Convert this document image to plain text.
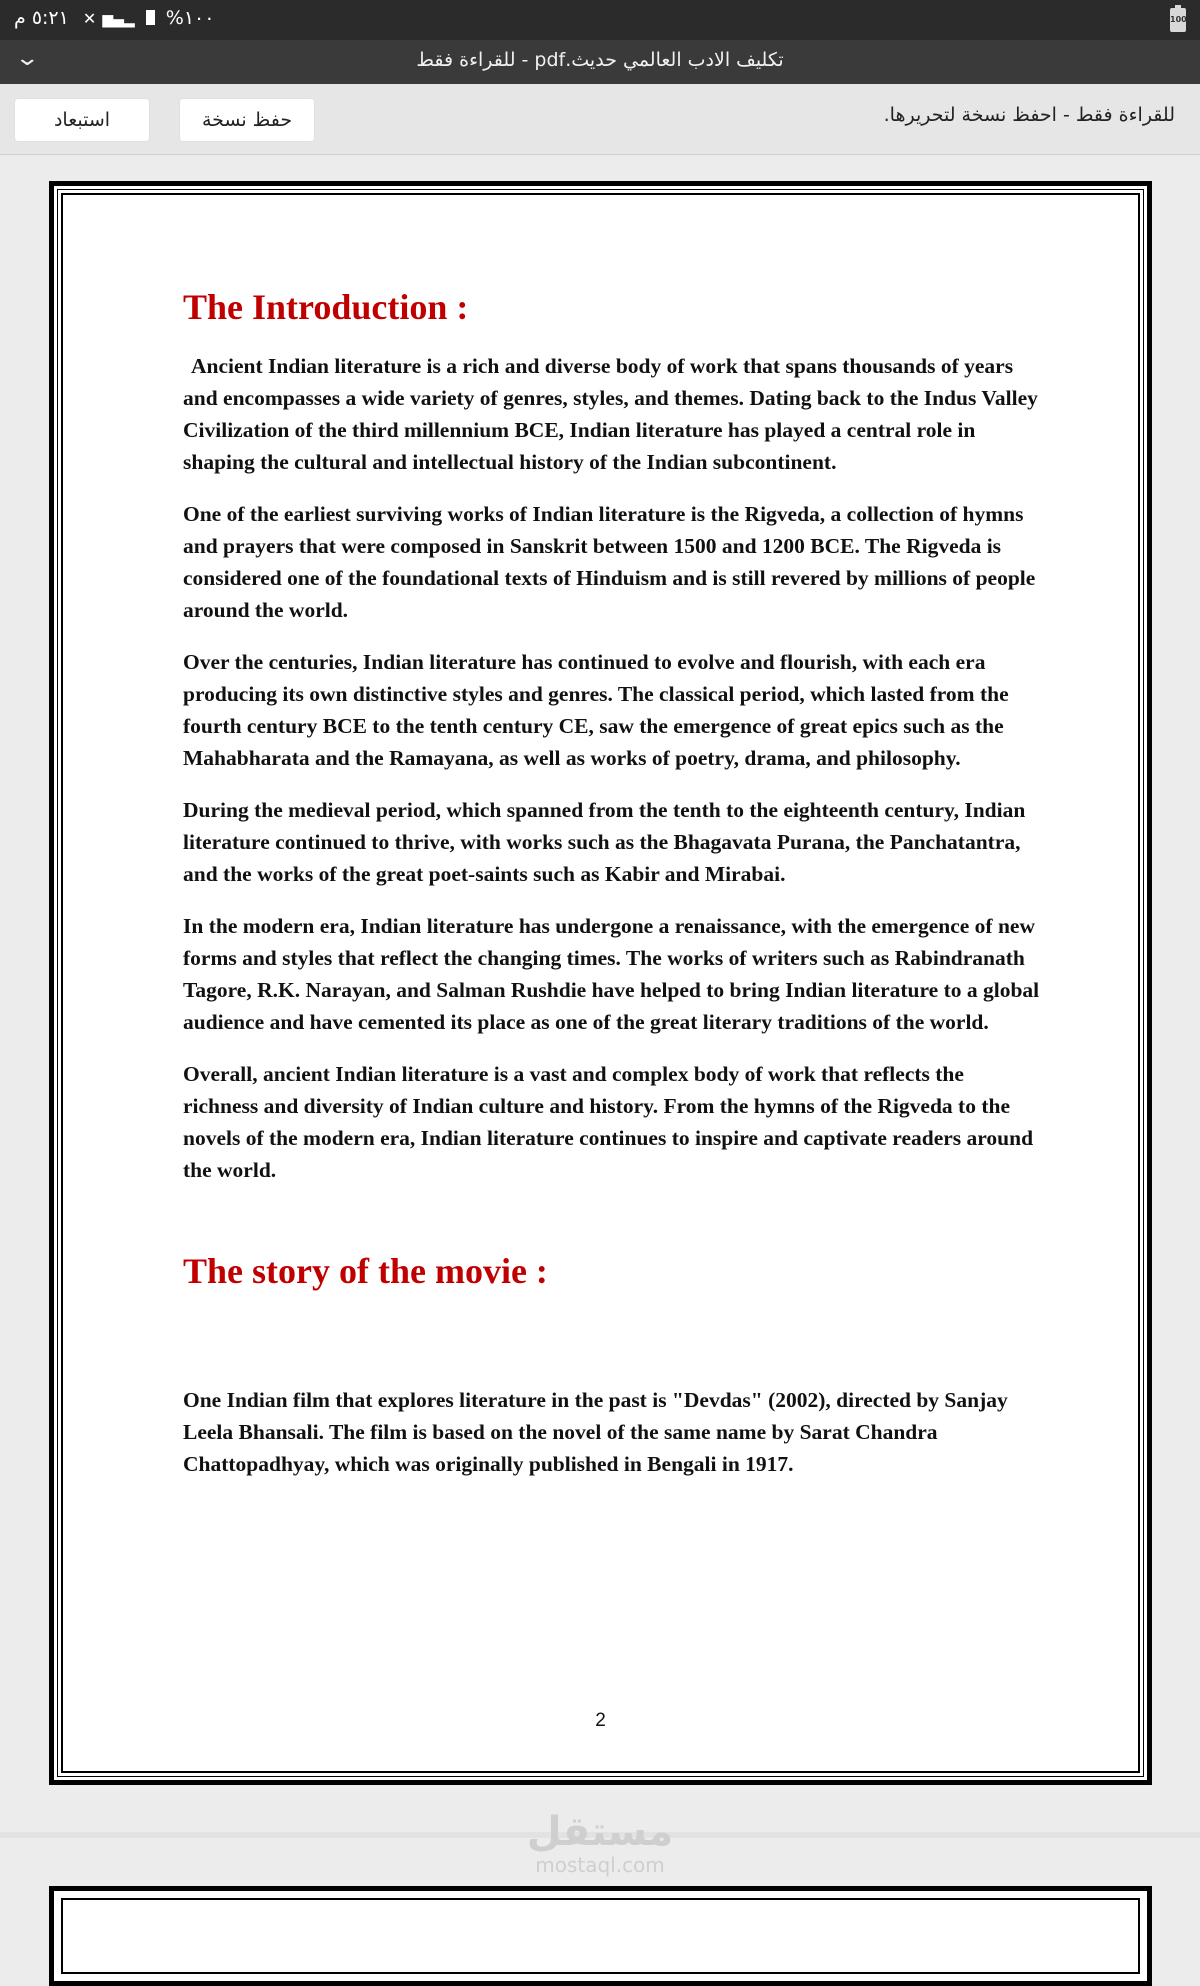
١٠٠%  ▂▄▆ ✕ ٥:٢١ م	100
⌄	تكليف الادب العالمي حديث.pdf - للقراءة فقط
استبعاد	حفظ نسخة	للقراءة فقط - احفظ نسخة لتحريرها.
The Introduction :

Ancient Indian literature is a rich and diverse body of work that spans thousands of years and encompasses a wide variety of genres, styles, and themes. Dating back to the Indus Valley Civilization of the third millennium BCE, Indian literature has played a central role in shaping the cultural and intellectual history of the Indian subcontinent.

One of the earliest surviving works of Indian literature is the Rigveda, a collection of hymns and prayers that were composed in Sanskrit between 1500 and 1200 BCE. The Rigveda is considered one of the foundational texts of Hinduism and is still revered by millions of people around the world.

Over the centuries, Indian literature has continued to evolve and flourish, with each era producing its own distinctive styles and genres. The classical period, which lasted from the fourth century BCE to the tenth century CE, saw the emergence of great epics such as the Mahabharata and the Ramayana, as well as works of poetry, drama, and philosophy.

During the medieval period, which spanned from the tenth to the eighteenth century, Indian literature continued to thrive, with works such as the Bhagavata Purana, the Panchatantra, and the works of the great poet-saints such as Kabir and Mirabai.

In the modern era, Indian literature has undergone a renaissance, with the emergence of new forms and styles that reflect the changing times. The works of writers such as Rabindranath Tagore, R.K. Narayan, and Salman Rushdie have helped to bring Indian literature to a global audience and have cemented its place as one of the great literary traditions of the world.

Overall, ancient Indian literature is a vast and complex body of work that reflects the richness and diversity of Indian culture and history. From the hymns of the Rigveda to the novels of the modern era, Indian literature continues to inspire and captivate readers around the world.

The story of the movie :

One Indian film that explores literature in the past is "Devdas" (2002), directed by Sanjay Leela Bhansali. The film is based on the novel of the same name by Sarat Chandra Chattopadhyay, which was originally published in Bengali in 1917.

2
مستقل
mostaql.com
